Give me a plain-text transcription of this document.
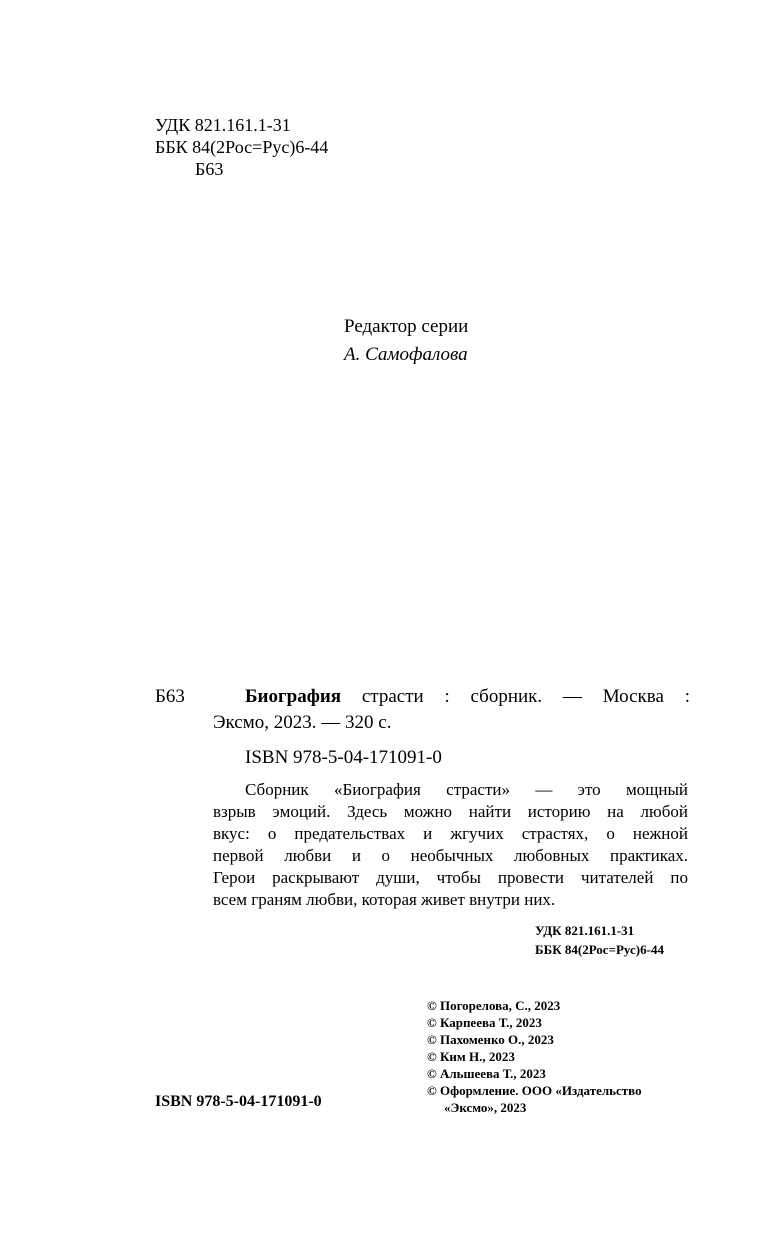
УДК 821.161.1-31
ББК 84(2Рос=Рус)6-44
Б63
Редактор серии
А. Самофалова
Б63	Биография страсти : сборник. — Москва :
Эксмо, 2023. — 320 с.
ISBN 978-5-04-171091-0
Сборник «Биография страсти» — это мощный
взрыв эмоций. Здесь можно найти историю на любой
вкус: о предательствах и жгучих страстях, о нежной
первой любви и о необычных любовных практиках.
Герои раскрывают души, чтобы провести читателей по
всем граням любви, которая живет внутри них.
УДК 821.161.1-31
ББК 84(2Рос=Рус)6-44
© Погорелова, С., 2023
© Карпеева Т., 2023
© Пахоменко О., 2023
© Ким Н., 2023
© Альшеева Т., 2023
© Оформление. ООО «Издательство
«Эксмо», 2023
ISBN 978-5-04-171091-0
